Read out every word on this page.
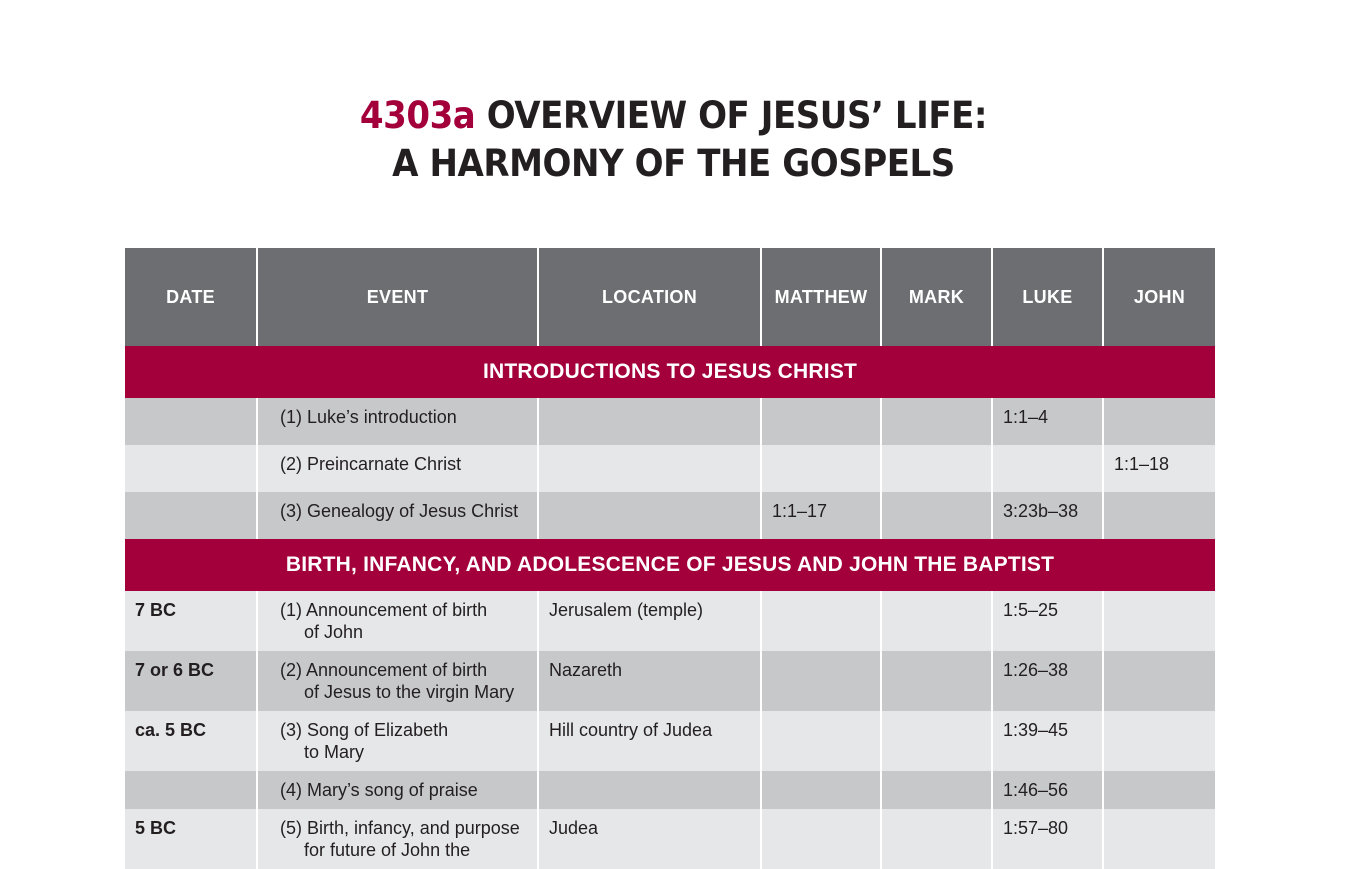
4303a OVERVIEW OF JESUS’ LIFE:
A HARMONY OF THE GOSPELS
DATE	EVENT	LOCATION	MATTHEW	MARK	LUKE	JOHN
INTRODUCTIONS TO JESUS CHRIST						
	(1) Luke’s introduction				1:1–4	
	(2) Preincarnate Christ					1:1–18
	(3) Genealogy of Jesus Christ		1:1–17		3:23b–38	
BIRTH, INFANCY, AND ADOLESCENCE OF JESUS AND JOHN THE BAPTIST						
7 BC	(1) Announcement of birth
of John	Jerusalem (temple)			1:5–25	
7 or 6 BC	(2) Announcement of birth
of Jesus to the virgin Mary	Nazareth			1:26–38	
ca. 5 BC	(3) Song of Elizabeth
to Mary	Hill country of Judea			1:39–45	
	(4) Mary’s song of praise				1:46–56	
5 BC	(5) Birth, infancy, and purpose
for future of John the	Judea			1:57–80	
